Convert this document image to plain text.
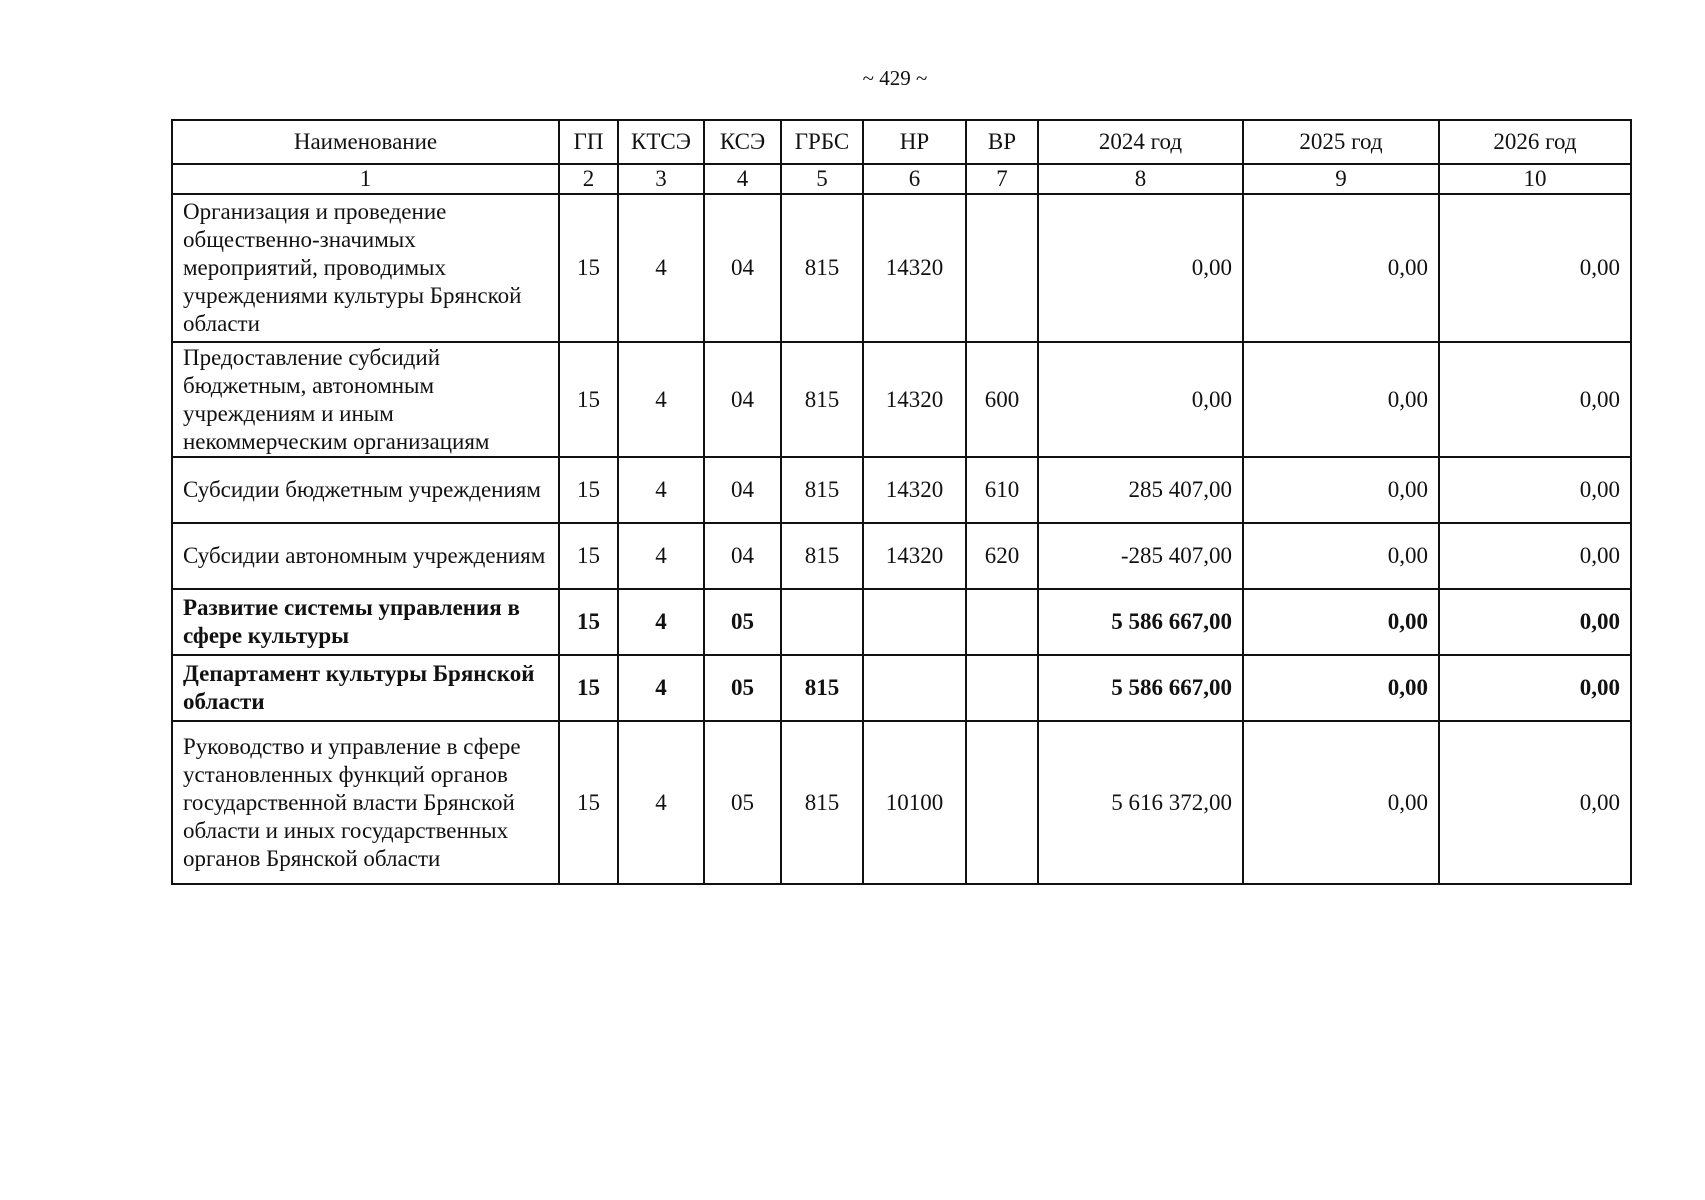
~ 429 ~
Наименование	ГП	КТСЭ	КСЭ	ГРБС	НР	ВР	2024 год	2025 год	2026 год
1	2	3	4	5	6	7	8	9	10
Организация и проведение общественно-значимых мероприятий, проводимых учреждениями культуры Брянской области	15	4	04	815	14320		0,00	0,00	0,00
Предоставление субсидий бюджетным, автономным учреждениям и иным некоммерческим организациям	15	4	04	815	14320	600	0,00	0,00	0,00
Субсидии бюджетным учреждениям	15	4	04	815	14320	610	285 407,00	0,00	0,00
Субсидии автономным учреждениям	15	4	04	815	14320	620	-285 407,00	0,00	0,00
Развитие системы управления в сфере культуры	15	4	05				5 586 667,00	0,00	0,00
Департамент культуры Брянской области	15	4	05	815			5 586 667,00	0,00	0,00
Руководство и управление в сфере установленных функций органов государственной власти Брянской области и иных государственных органов Брянской области	15	4	05	815	10100		5 616 372,00	0,00	0,00
